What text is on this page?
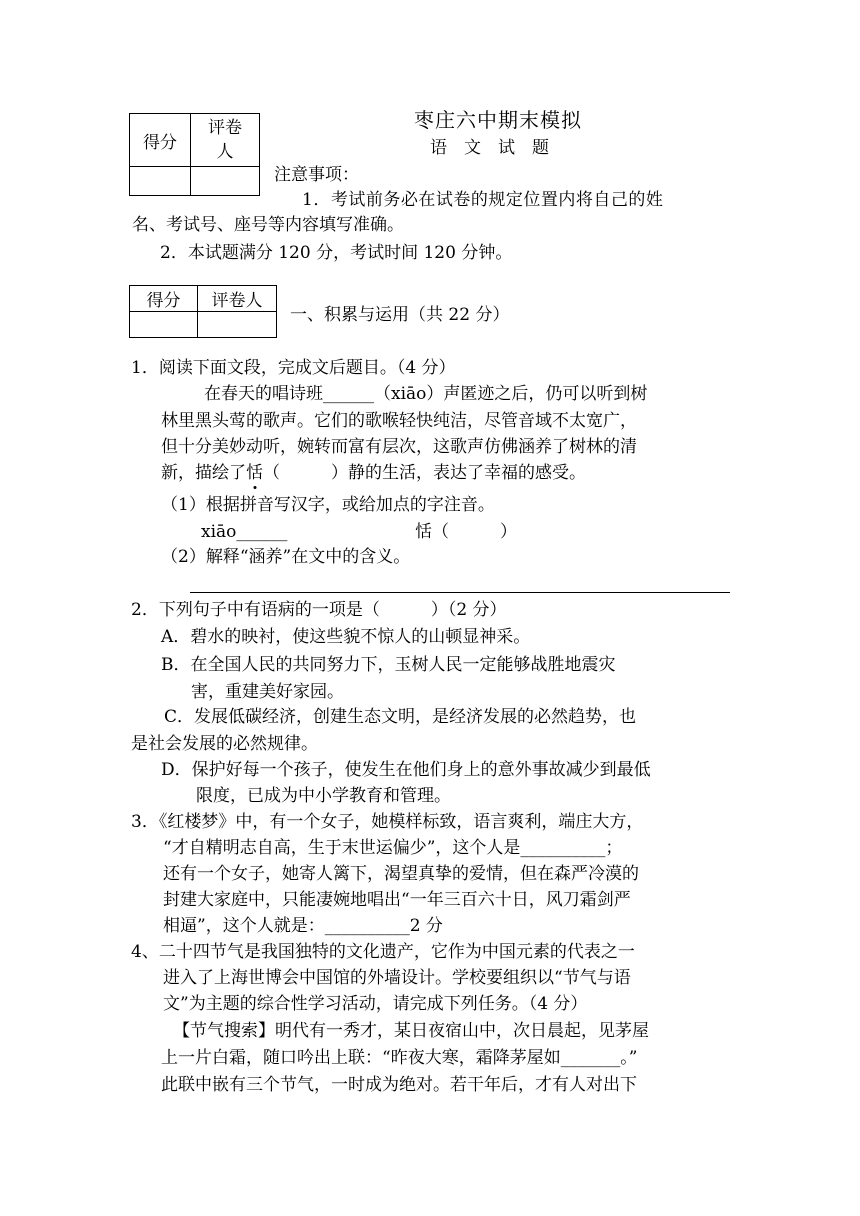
得分	评卷
人

枣庄六中期末模拟
语　文　试　题
注意事项：
1．考试前务必在试卷的规定位置内将自己的姓
名、考试号、座号等内容填写准确。
2．本试题满分 120 分，考试时间 120 分钟。
得分	评卷人

一、积累与运用（共 22 分）
1．阅读下面文段，完成文后题目。（4 分）
在春天的唱诗班______（xiāo）声匿迹之后，仍可以听到树
林里黑头莺的歌声。它们的歌喉轻快纯洁，尽管音域不太宽广，
但十分美妙动听，婉转而富有层次，这歌声仿佛涵养了树林的清
新，描绘了恬（　　　）静的生活，表达了幸福的感受。
（1）根据拼音写汉字，或给加点的字注音。
xiāo______	恬（　　　）
（2）解释“涵养”在文中的含义。
2．下列句子中有语病的一项是（　　　）（2 分）
A．碧水的映衬，使这些貌不惊人的山顿显神采。
B．在全国人民的共同努力下，玉树人民一定能够战胜地震灾
害，重建美好家园。
C．发展低碳经济，创建生态文明，是经济发展的必然趋势，也
是社会发展的必然规律。
D．保护好每一个孩子，使发生在他们身上的意外事故减少到最低
限度，已成为中小学教育和管理。
3．《红楼梦》中，有一个女子，她模样标致，语言爽利，端庄大方，
“才自精明志自高，生于末世运偏少”，这个人是__________；
还有一个女子，她寄人篱下，渴望真挚的爱情，但在森严冷漠的
封建大家庭中，只能凄婉地唱出“一年三百六十日，风刀霜剑严
相逼”，这个人就是：__________2 分
4、二十四节气是我国独特的文化遗产，它作为中国元素的代表之一
进入了上海世博会中国馆的外墙设计。学校要组织以“节气与语
文”为主题的综合性学习活动，请完成下列任务。（4 分）
【节气搜索】明代有一秀才，某日夜宿山中，次日晨起，见茅屋
上一片白霜，随口吟出上联：“昨夜大寒，霜降茅屋如_______。”
此联中嵌有三个节气，一时成为绝对。若干年后，才有人对出下
